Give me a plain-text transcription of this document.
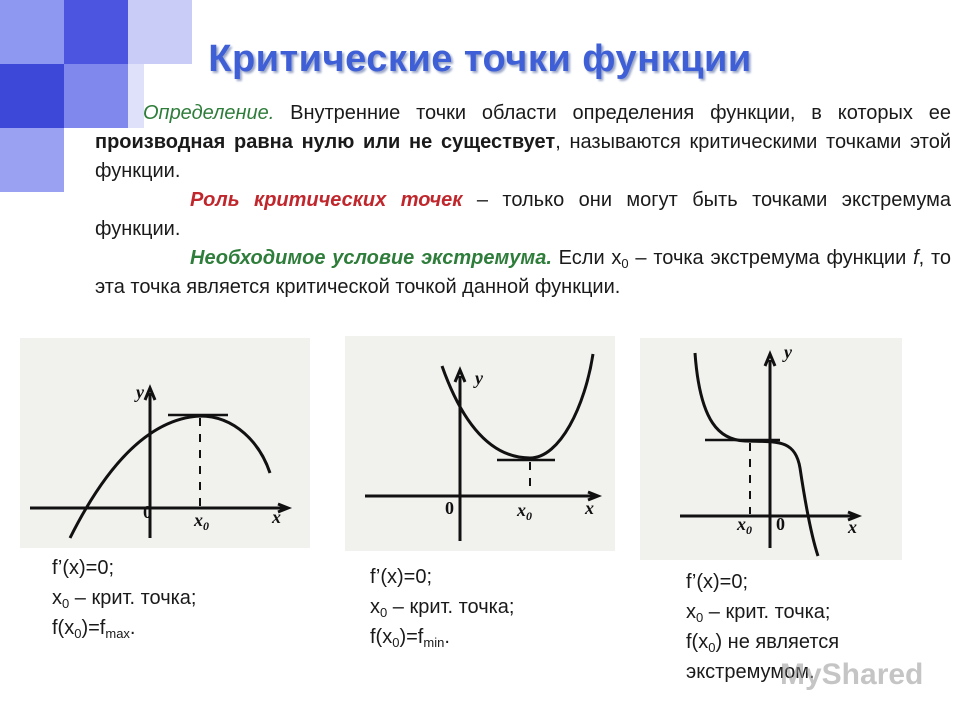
Критические точки функции

Определение. Внутренние точки области определения функции, в которых ее производная равна нулю или не существует, называются критическими точками этой функции.

Роль критических точек – только они могут быть точками экстремума функции.

Необходимое условие экстремума. Если $x_0$ – точка экстремума функции f, то эта точка является критической точкой данной функции.

y
0 $x_0$	x
y
0	$x_0$	x
y
0
$x_0$	x
f’(x)=0;
$x_0$ – крит. точка;
$f(x_0)=f_{max}$.
f’(x)=0;
$x_0$ – крит. точка;
$f(x_0)=f_{min}$.
f’(x)=0;
$x_0$ – крит. точка;
$f(x_0)$ не является
экстремумом.
MyShared
